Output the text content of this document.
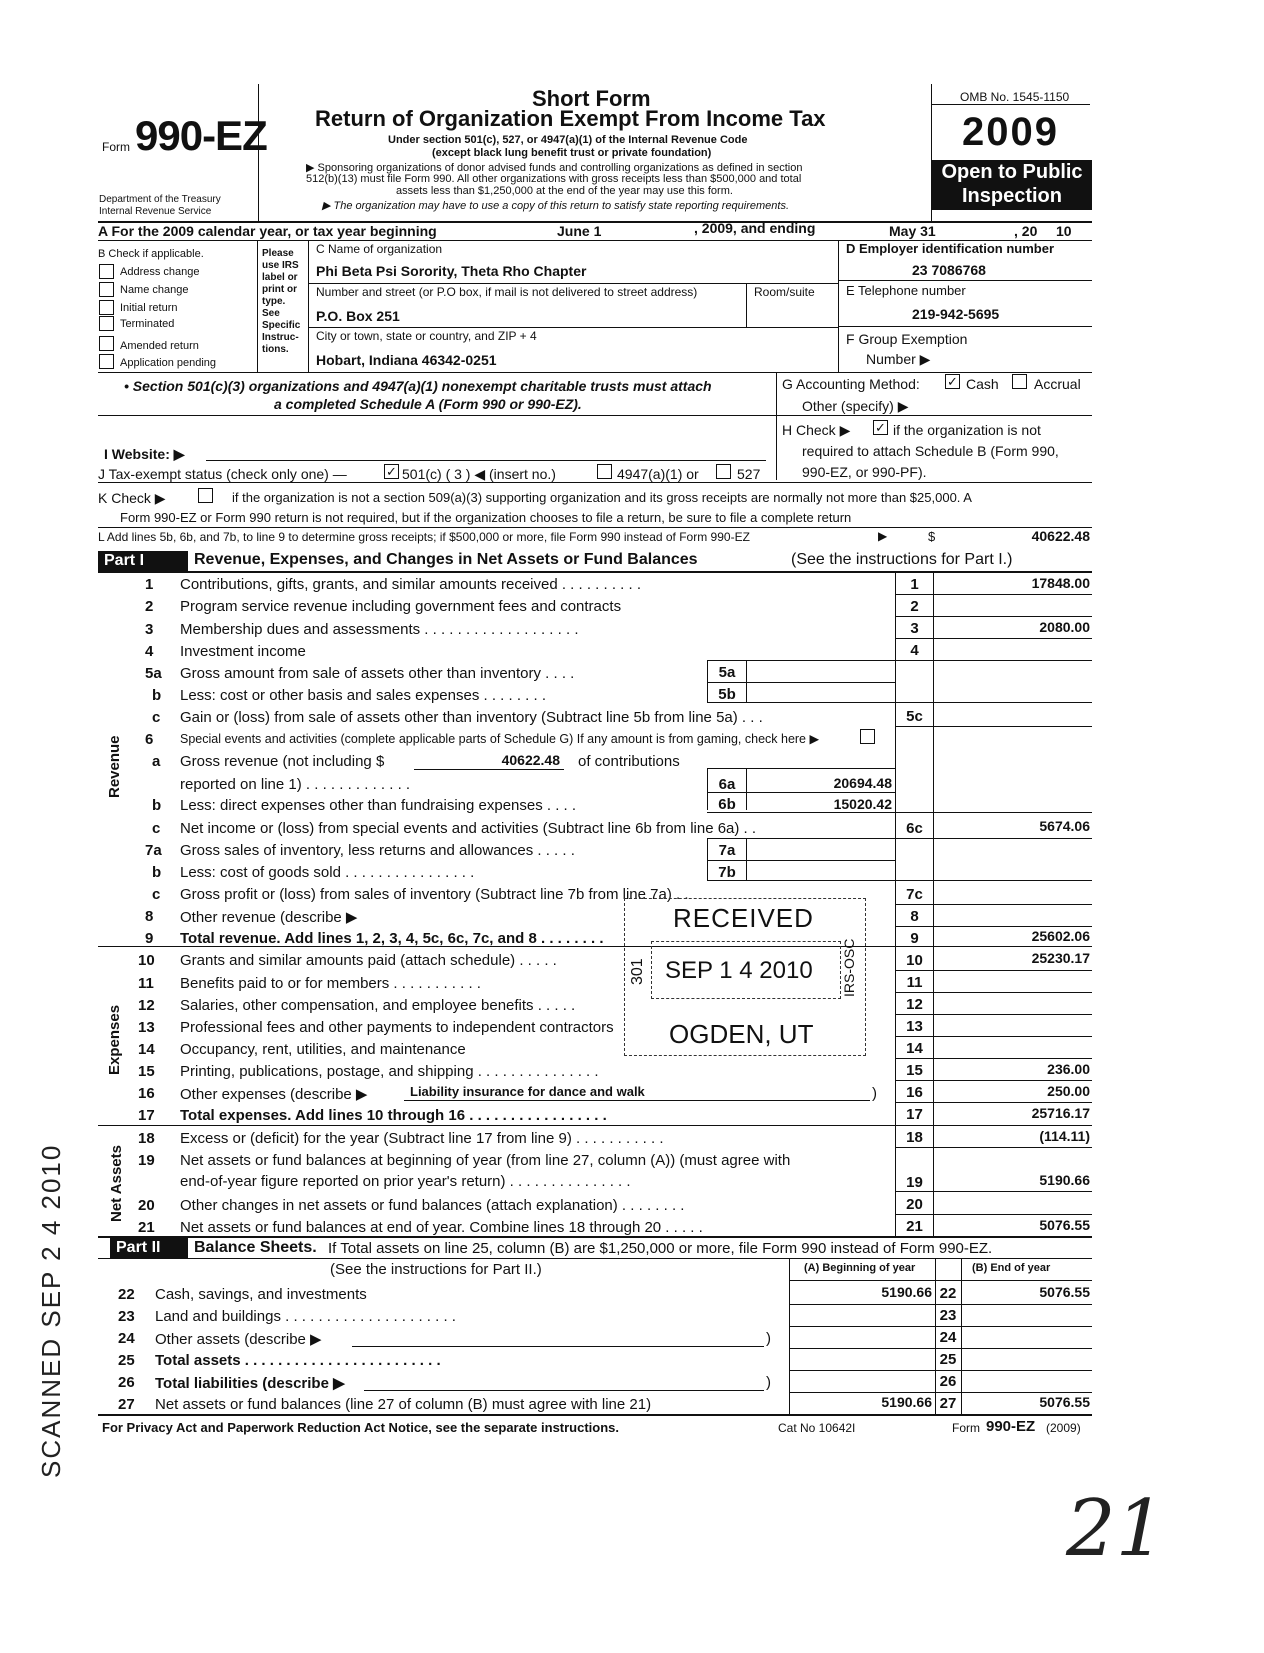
Form 990-EZ
Department of the Treasury
Internal Revenue Service
Short Form
Return of Organization Exempt From Income Tax
Under section 501(c), 527, or 4947(a)(1) of the Internal Revenue Code
(except black lung benefit trust or private foundation)
▶ Sponsoring organizations of donor advised funds and controlling organizations as defined in section
512(b)(13) must file Form 990. All other organizations with gross receipts less than $500,000 and total
assets less than $1,250,000 at the end of the year may use this form.
▶ The organization may have to use a copy of this return to satisfy state reporting requirements.
OMB No. 1545-1150
2009
Open to Public
Inspection
A For the 2009 calendar year, or tax year beginning	June 1	, 2009, and ending	May 31	, 20 10
B Check if applicable.
Address change
Name change
Initial return
Terminated
Amended return
Application pending
Please
use IRS
label or
print or
type.
See
Specific
Instruc-
tions.
C Name of organization
Phi Beta Psi Sorority, Theta Rho Chapter
Number and street (or P.O box, if mail is not delivered to street address)	Room/suite
P.O. Box 251
City or town, state or country, and ZIP + 4
Hobart, Indiana 46342-0251
D Employer identification number
23 7086768
E Telephone number
219-942-5695
F Group Exemption
Number ▶
• Section 501(c)(3) organizations and 4947(a)(1) nonexempt charitable trusts must attach
a completed Schedule A (Form 990 or 990-EZ).
G Accounting Method: ✓ Cash	Accrual
Other (specify) ▶
H Check ▶ ✓ if the organization is not
required to attach Schedule B (Form 990,
990-EZ, or 990-PF).
I Website: ▶
J Tax-exempt status (check only one) —	✓ 501(c) ( 3 ) ◀ (insert no.)	4947(a)(1) or	527
K Check ▶	if the organization is not a section 509(a)(3) supporting organization and its gross receipts are normally not more than $25,000. A
Form 990-EZ or Form 990 return is not required, but if the organization chooses to file a return, be sure to file a complete return
L Add lines 5b, 6b, and 7b, to line 9 to determine gross receipts; if $500,000 or more, file Form 990 instead of Form 990-EZ	▶	$	40622.48
Part I	Revenue, Expenses, and Changes in Net Assets or Fund Balances	(See the instructions for Part I.)
Revenue
Expenses
Net Assets
1 Contributions, gifts, grants, and similar amounts received . . . . . . . . . .	1	17848.00
2 Program service revenue including government fees and contracts	2
3 Membership dues and assessments . . . . . . . . . . . . . . . . . . .	3	2080.00
4 Investment income	4
5a Gross amount from sale of assets other than inventory . . . .	5a
b Less: cost or other basis and sales expenses . . . . . . . .	5b
c Gain or (loss) from sale of assets other than inventory (Subtract line 5b from line 5a) . . .	5c
6 Special events and activities (complete applicable parts of Schedule G) If any amount is from gaming, check here ▶
a Gross revenue (not including $	40622.48 of contributions
reported on line 1) . . . . . . . . . . . . .	6a	20694.48
b Less: direct expenses other than fundraising expenses . . . .	6b	15020.42
c Net income or (loss) from special events and activities (Subtract line 6b from line 6a) . .	6c	5674.06
7a Gross sales of inventory, less returns and allowances . . . . .	7a
b Less: cost of goods sold . . . . . . . . . . . . . . . .	7b
c Gross profit or (loss) from sales of inventory (Subtract line 7b from line 7a) . .	7c
8 Other revenue (describe ▶	8
9 Total revenue. Add lines 1, 2, 3, 4, 5c, 6c, 7c, and 8 . . . . . . . .	9	25602.06
10 Grants and similar amounts paid (attach schedule) . . . . .	10	25230.17
11 Benefits paid to or for members . . . . . . . . . . .	11
12 Salaries, other compensation, and employee benefits . . . . .	12
13 Professional fees and other payments to independent contractors	13
14 Occupancy, rent, utilities, and maintenance	14
15 Printing, publications, postage, and shipping . . . . . . . . . . . . . . .	15	236.00
16 Other expenses (describe ▶	Liability insurance for dance and walk	)	16	250.00
17 Total expenses. Add lines 10 through 16 . . . . . . . . . . . . . . . . .	17	25716.17
18 Excess or (deficit) for the year (Subtract line 17 from line 9) . . . . . . . . . . .	18	(114.11)
19 Net assets or fund balances at beginning of year (from line 27, column (A)) (must agree with
end-of-year figure reported on prior year's return) . . . . . . . . . . . . . . .	19	5190.66
20 Other changes in net assets or fund balances (attach explanation) . . . . . . . .	20
21 Net assets or fund balances at end of year. Combine lines 18 through 20 . . . . .	21	5076.55
Part II	Balance Sheets. If Total assets on line 25, column (B) are $1,250,000 or more, file Form 990 instead of Form 990-EZ.
(See the instructions for Part II.)	(A) Beginning of year	(B) End of year
22 Cash, savings, and investments	5190.66 22	5076.55
23 Land and buildings . . . . . . . . . . . . . . . . . . . . .	23
24 Other assets (describe ▶	)	24
25 Total assets . . . . . . . . . . . . . . . . . . . . . . . .	25
26 Total liabilities (describe ▶	)	26
27 Net assets or fund balances (line 27 of column (B) must agree with line 21)	5190.66 27	5076.55
For Privacy Act and Paperwork Reduction Act Notice, see the separate instructions.	Cat No 10642I	Form 990-EZ (2009)
RECEIVED
SEP 1 4 2010
301	IRS-OSC
OGDEN, UT
SCANNED SEP 2 4 2010
21
